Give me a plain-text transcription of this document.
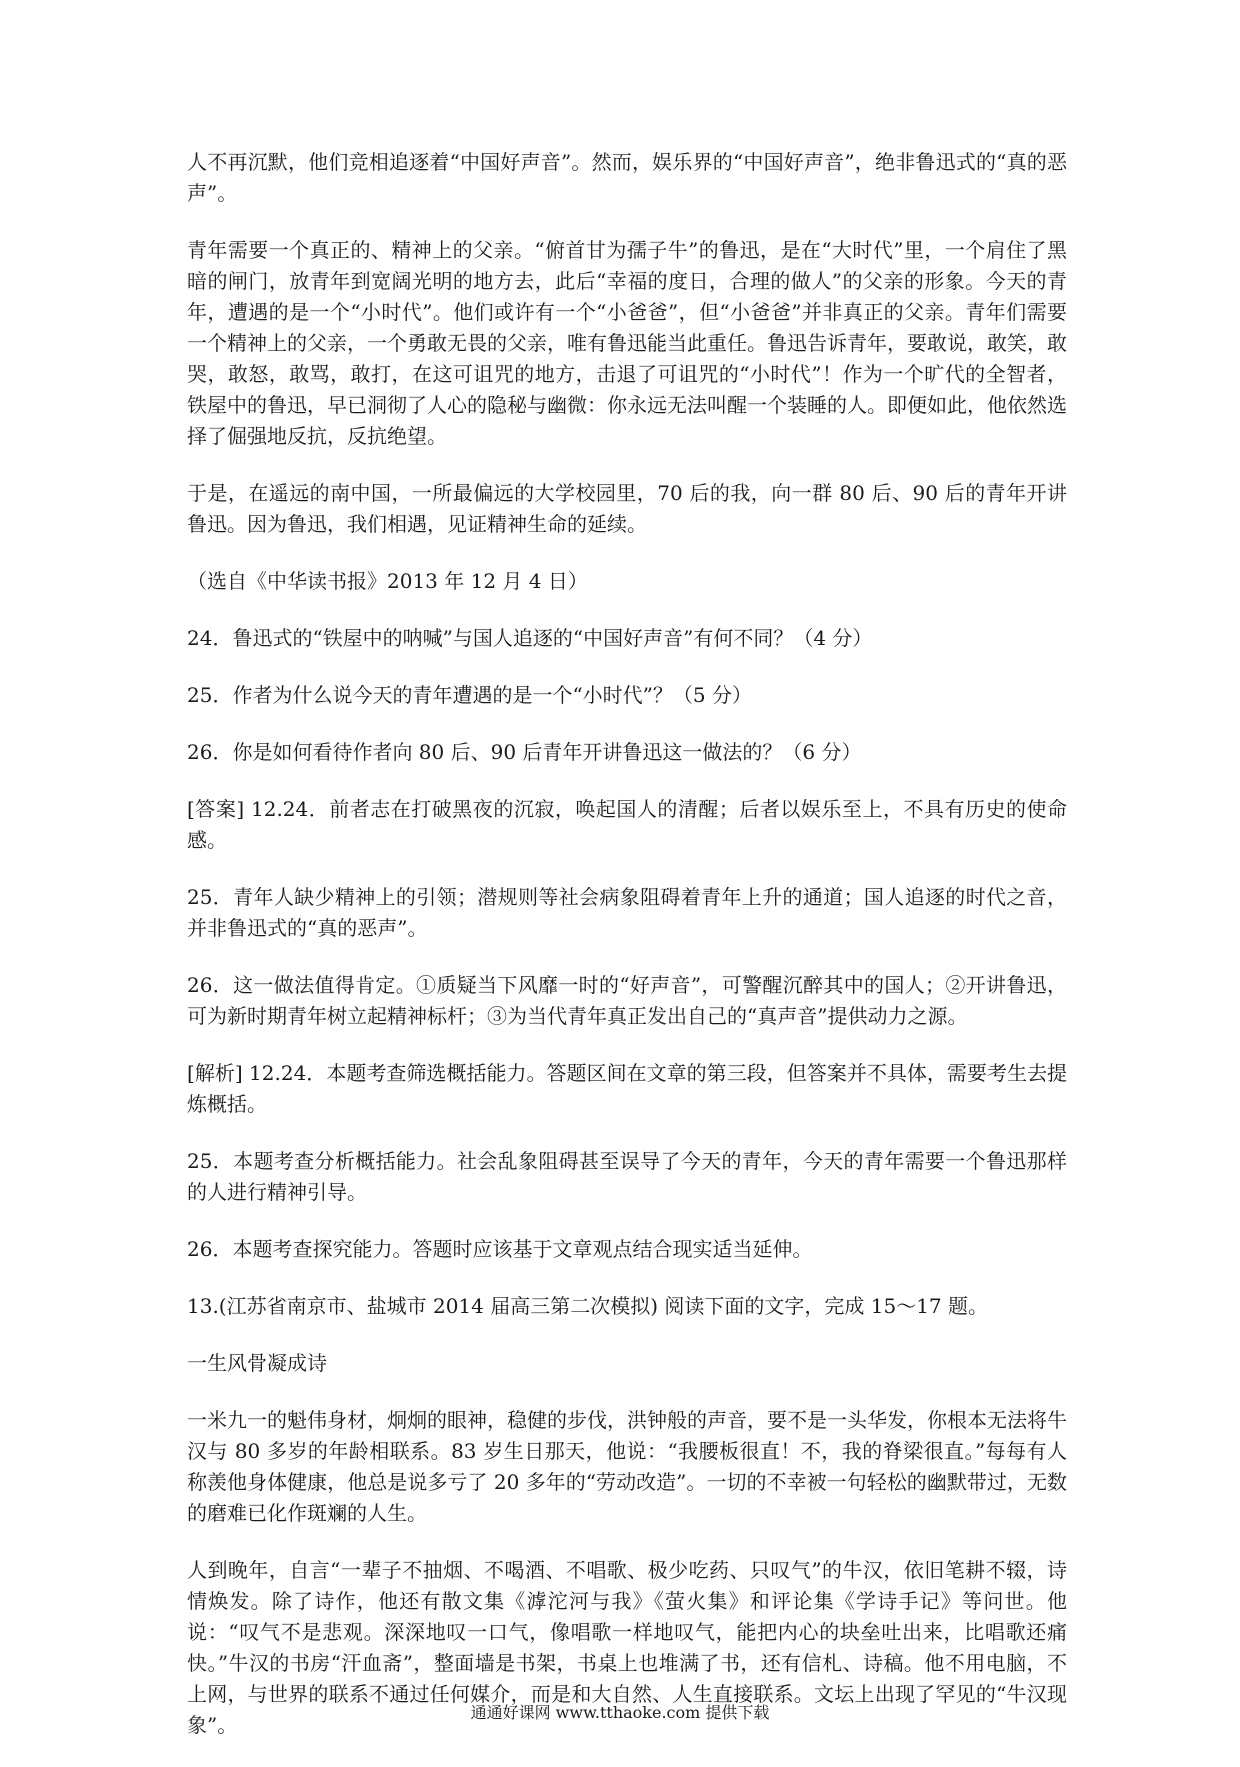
人不再沉默，他们竞相追逐着“中国好声音”。然而，娱乐界的“中国好声音”，绝非鲁迅式的“真的恶声”。

青年需要一个真正的、精神上的父亲。“俯首甘为孺子牛”的鲁迅，是在“大时代”里，一个肩住了黑暗的闸门，放青年到宽阔光明的地方去，此后“幸福的度日，合理的做人”的父亲的形象。今天的青年，遭遇的是一个“小时代”。他们或许有一个“小爸爸”，但“小爸爸”并非真正的父亲。青年们需要一个精神上的父亲，一个勇敢无畏的父亲，唯有鲁迅能当此重任。鲁迅告诉青年，要敢说，敢笑，敢哭，敢怒，敢骂，敢打，在这可诅咒的地方，击退了可诅咒的“小时代”！作为一个旷代的全智者，铁屋中的鲁迅，早已洞彻了人心的隐秘与幽微：你永远无法叫醒一个装睡的人。即便如此，他依然选择了倔强地反抗，反抗绝望。

于是，在遥远的南中国，一所最偏远的大学校园里，70 后的我，向一群 80 后、90 后的青年开讲鲁迅。因为鲁迅，我们相遇，见证精神生命的延续。

（选自《中华读书报》2013 年 12 月 4 日）

24．鲁迅式的“铁屋中的呐喊”与国人追逐的“中国好声音”有何不同？（4 分）

25．作者为什么说今天的青年遭遇的是一个“小时代”？（5 分）

26．你是如何看待作者向 80 后、90 后青年开讲鲁迅这一做法的？（6 分）

[答案] 12.24．前者志在打破黑夜的沉寂，唤起国人的清醒；后者以娱乐至上，不具有历史的使命感。

25．青年人缺少精神上的引领；潜规则等社会病象阻碍着青年上升的通道；国人追逐的时代之音，并非鲁迅式的“真的恶声”。

26．这一做法值得肯定。①质疑当下风靡一时的“好声音”，可警醒沉醉其中的国人；②开讲鲁迅，可为新时期青年树立起精神标杆；③为当代青年真正发出自己的“真声音”提供动力之源。

[解析] 12.24．本题考查筛选概括能力。答题区间在文章的第三段，但答案并不具体，需要考生去提炼概括。

25．本题考查分析概括能力。社会乱象阻碍甚至误导了今天的青年，今天的青年需要一个鲁迅那样的人进行精神引导。

26．本题考查探究能力。答题时应该基于文章观点结合现实适当延伸。

13.(江苏省南京市、盐城市 2014 届高三第二次模拟) 阅读下面的文字，完成 15～17 题。

一生风骨凝成诗

一米九一的魁伟身材，炯炯的眼神，稳健的步伐，洪钟般的声音，要不是一头华发，你根本无法将牛汉与 80 多岁的年龄相联系。83 岁生日那天，他说：“我腰板很直！不，我的脊梁很直。”每每有人称羡他身体健康，他总是说多亏了 20 多年的“劳动改造”。一切的不幸被一句轻松的幽默带过，无数的磨难已化作斑斓的人生。

人到晚年，自言“一辈子不抽烟、不喝酒、不唱歌、极少吃药、只叹气”的牛汉，依旧笔耕不辍，诗情焕发。除了诗作，他还有散文集《滹沱河与我》《萤火集》和评论集《学诗手记》等问世。他说：“叹气不是悲观。深深地叹一口气，像唱歌一样地叹气，能把内心的块垒吐出来，比唱歌还痛快。”牛汉的书房“汗血斋”，整面墙是书架，书桌上也堆满了书，还有信札、诗稿。他不用电脑，不上网，与世界的联系不通过任何媒介，而是和大自然、人生直接联系。文坛上出现了罕见的“牛汉现象”。

通通好课网 www.tthaoke.com 提供下载
